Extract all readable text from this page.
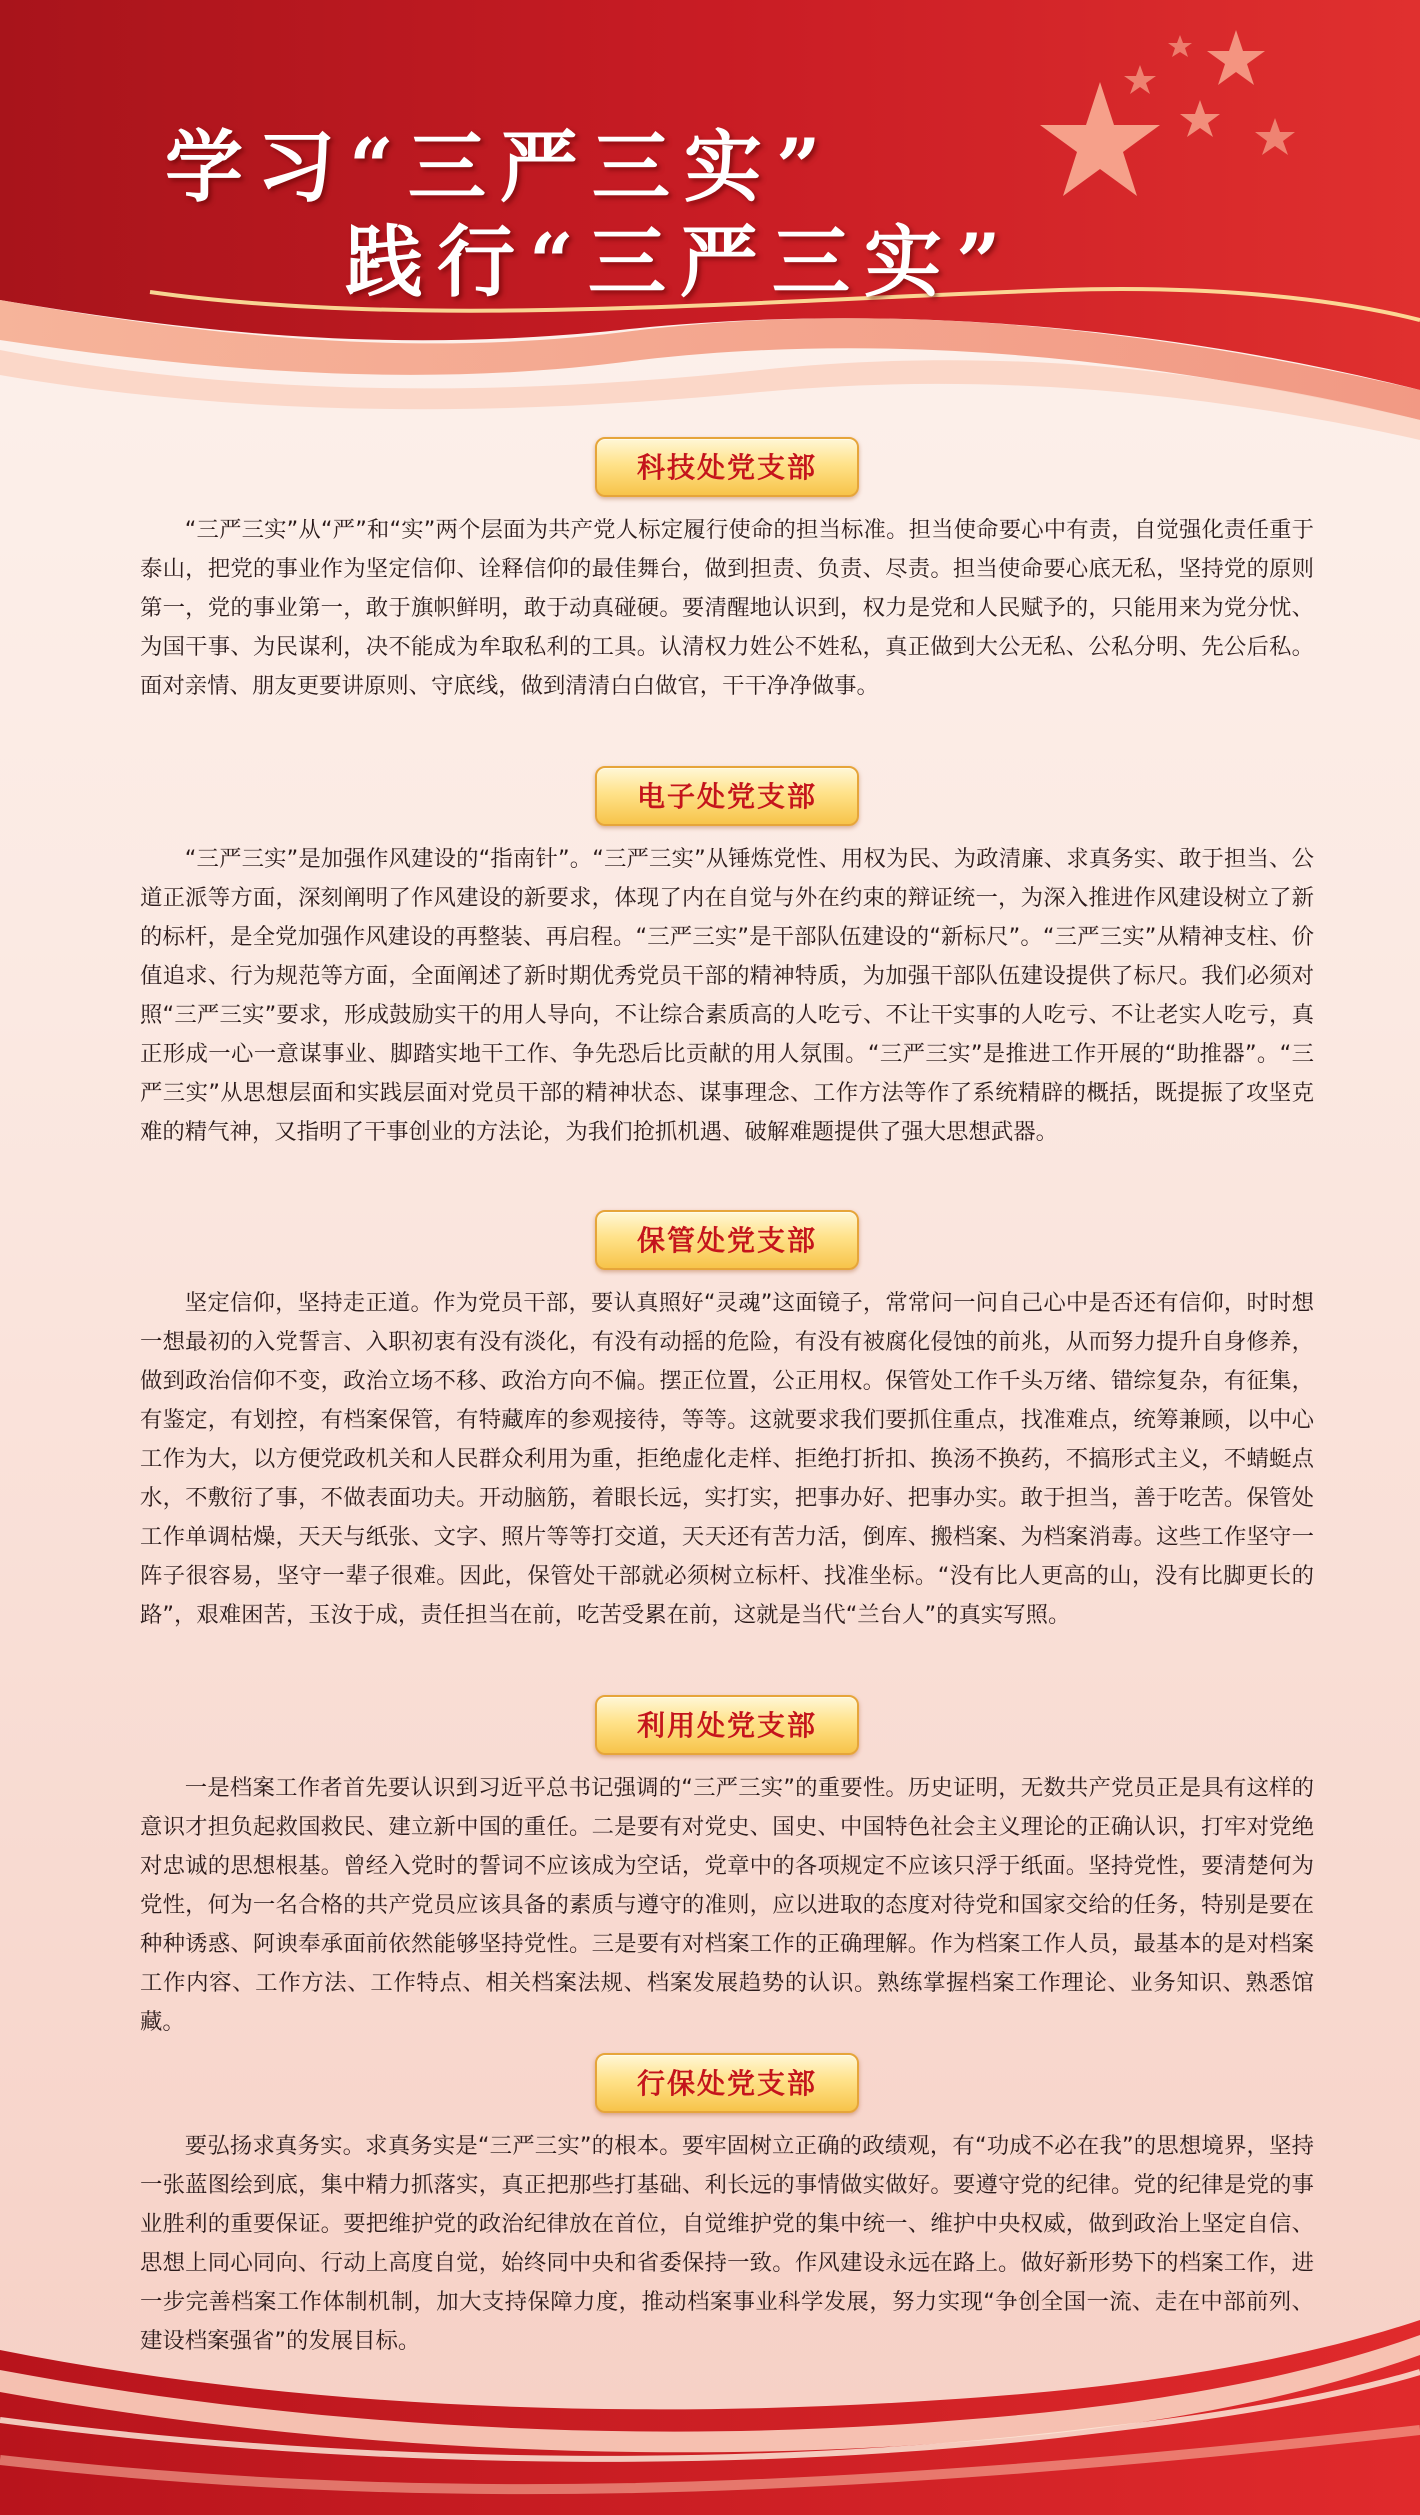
学习“三严三实”
践行“三严三实”
科技处党支部

“三严三实”从“严”和“实”两个层面为共产党人标定履行使命的担当标准。担当使命要心中有责，自觉强化责任重于泰山，把党的事业作为坚定信仰、诠释信仰的最佳舞台，做到担责、负责、尽责。担当使命要心底无私，坚持党的原则第一，党的事业第一，敢于旗帜鲜明，敢于动真碰硬。要清醒地认识到，权力是党和人民赋予的，只能用来为党分忧、为国干事、为民谋利，决不能成为牟取私利的工具。认清权力姓公不姓私，真正做到大公无私、公私分明、先公后私。面对亲情、朋友更要讲原则、守底线，做到清清白白做官，干干净净做事。

电子处党支部

“三严三实”是加强作风建设的“指南针”。“三严三实”从锤炼党性、用权为民、为政清廉、求真务实、敢于担当、公道正派等方面，深刻阐明了作风建设的新要求，体现了内在自觉与外在约束的辩证统一，为深入推进作风建设树立了新的标杆，是全党加强作风建设的再整装、再启程。“三严三实”是干部队伍建设的“新标尺”。“三严三实”从精神支柱、价值追求、行为规范等方面，全面阐述了新时期优秀党员干部的精神特质，为加强干部队伍建设提供了标尺。我们必须对照“三严三实”要求，形成鼓励实干的用人导向，不让综合素质高的人吃亏、不让干实事的人吃亏、不让老实人吃亏，真正形成一心一意谋事业、脚踏实地干工作、争先恐后比贡献的用人氛围。“三严三实”是推进工作开展的“助推器”。“三严三实”从思想层面和实践层面对党员干部的精神状态、谋事理念、工作方法等作了系统精辟的概括，既提振了攻坚克难的精气神，又指明了干事创业的方法论，为我们抢抓机遇、破解难题提供了强大思想武器。

保管处党支部

坚定信仰，坚持走正道。作为党员干部，要认真照好“灵魂”这面镜子，常常问一问自己心中是否还有信仰，时时想一想最初的入党誓言、入职初衷有没有淡化，有没有动摇的危险，有没有被腐化侵蚀的前兆，从而努力提升自身修养，做到政治信仰不变，政治立场不移、政治方向不偏。摆正位置，公正用权。保管处工作千头万绪、错综复杂，有征集，有鉴定，有划控，有档案保管，有特藏库的参观接待，等等。这就要求我们要抓住重点，找准难点，统筹兼顾，以中心工作为大，以方便党政机关和人民群众利用为重，拒绝虚化走样、拒绝打折扣、换汤不换药，不搞形式主义，不蜻蜓点水，不敷衍了事，不做表面功夫。开动脑筋，着眼长远，实打实，把事办好、把事办实。敢于担当，善于吃苦。保管处工作单调枯燥，天天与纸张、文字、照片等等打交道，天天还有苦力活，倒库、搬档案、为档案消毒。这些工作坚守一阵子很容易，坚守一辈子很难。因此，保管处干部就必须树立标杆、找准坐标。“没有比人更高的山，没有比脚更长的路”，艰难困苦，玉汝于成，责任担当在前，吃苦受累在前，这就是当代“兰台人”的真实写照。

利用处党支部

一是档案工作者首先要认识到习近平总书记强调的“三严三实”的重要性。历史证明，无数共产党员正是具有这样的意识才担负起救国救民、建立新中国的重任。二是要有对党史、国史、中国特色社会主义理论的正确认识，打牢对党绝对忠诚的思想根基。曾经入党时的誓词不应该成为空话，党章中的各项规定不应该只浮于纸面。坚持党性，要清楚何为党性，何为一名合格的共产党员应该具备的素质与遵守的准则，应以进取的态度对待党和国家交给的任务，特别是要在种种诱惑、阿谀奉承面前依然能够坚持党性。三是要有对档案工作的正确理解。作为档案工作人员，最基本的是对档案工作内容、工作方法、工作特点、相关档案法规、档案发展趋势的认识。熟练掌握档案工作理论、业务知识、熟悉馆藏。

行保处党支部

要弘扬求真务实。求真务实是“三严三实”的根本。要牢固树立正确的政绩观，有“功成不必在我”的思想境界，坚持一张蓝图绘到底，集中精力抓落实，真正把那些打基础、利长远的事情做实做好。要遵守党的纪律。党的纪律是党的事业胜利的重要保证。要把维护党的政治纪律放在首位，自觉维护党的集中统一、维护中央权威，做到政治上坚定自信、思想上同心同向、行动上高度自觉，始终同中央和省委保持一致。作风建设永远在路上。做好新形势下的档案工作，进一步完善档案工作体制机制，加大支持保障力度，推动档案事业科学发展，努力实现“争创全国一流、走在中部前列、建设档案强省”的发展目标。
